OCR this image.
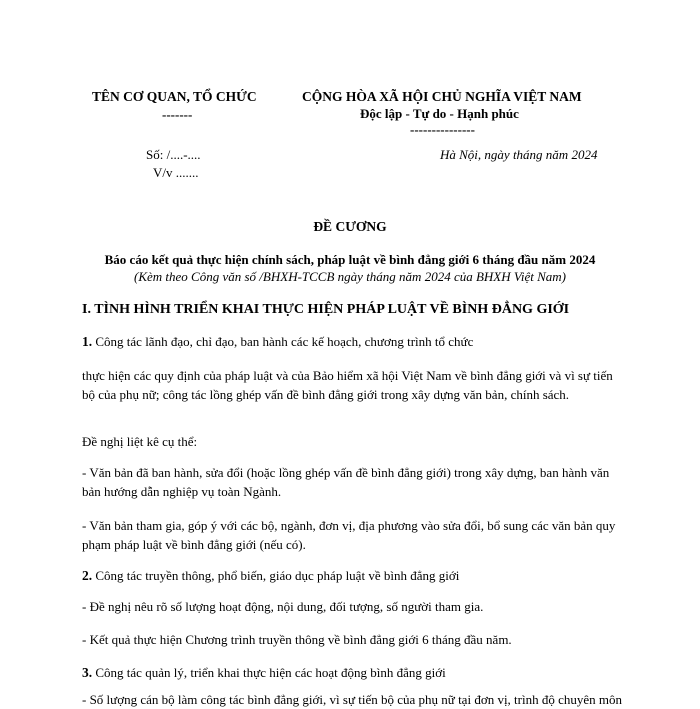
TÊN CƠ QUAN, TỔ CHỨC
-------
CỘNG HÒA XÃ HỘI CHỦ NGHĨA VIỆT NAM
Độc lập - Tự do - Hạnh phúc
---------------
Số: /....-....
V/v .......
Hà Nội, ngày tháng năm 2024
ĐỀ CƯƠNG
Báo cáo kết quả thực hiện chính sách, pháp luật về bình đẳng giới 6 tháng đầu năm 2024
(Kèm theo Công văn số /BHXH-TCCB ngày tháng năm 2024 của BHXH Việt Nam)
I. TÌNH HÌNH TRIỂN KHAI THỰC HIỆN PHÁP LUẬT VỀ BÌNH ĐẲNG GIỚI
1. Công tác lãnh đạo, chỉ đạo, ban hành các kế hoạch, chương trình tổ chức
thực hiện các quy định của pháp luật và của Bảo hiểm xã hội Việt Nam về bình đẳng giới và vì sự tiến bộ của phụ nữ; công tác lồng ghép vấn đề bình đẳng giới trong xây dựng văn bản, chính sách.
Đề nghị liệt kê cụ thể:
- Văn bản đã ban hành, sửa đổi (hoặc lồng ghép vấn đề bình đẳng giới) trong xây dựng, ban hành văn bản hướng dẫn nghiệp vụ toàn Ngành.
- Văn bản tham gia, góp ý với các bộ, ngành, đơn vị, địa phương vào sửa đổi, bổ sung các văn bản quy phạm pháp luật về bình đẳng giới (nếu có).
2. Công tác truyền thông, phổ biến, giáo dục pháp luật về bình đẳng giới
- Đề nghị nêu rõ số lượng hoạt động, nội dung, đối tượng, số người tham gia.
- Kết quả thực hiện Chương trình truyền thông về bình đẳng giới 6 tháng đầu năm.
3. Công tác quản lý, triển khai thực hiện các hoạt động bình đẳng giới
- Số lượng cán bộ làm công tác bình đẳng giới, vì sự tiến bộ của phụ nữ tại đơn vị, trình độ chuyên môn
